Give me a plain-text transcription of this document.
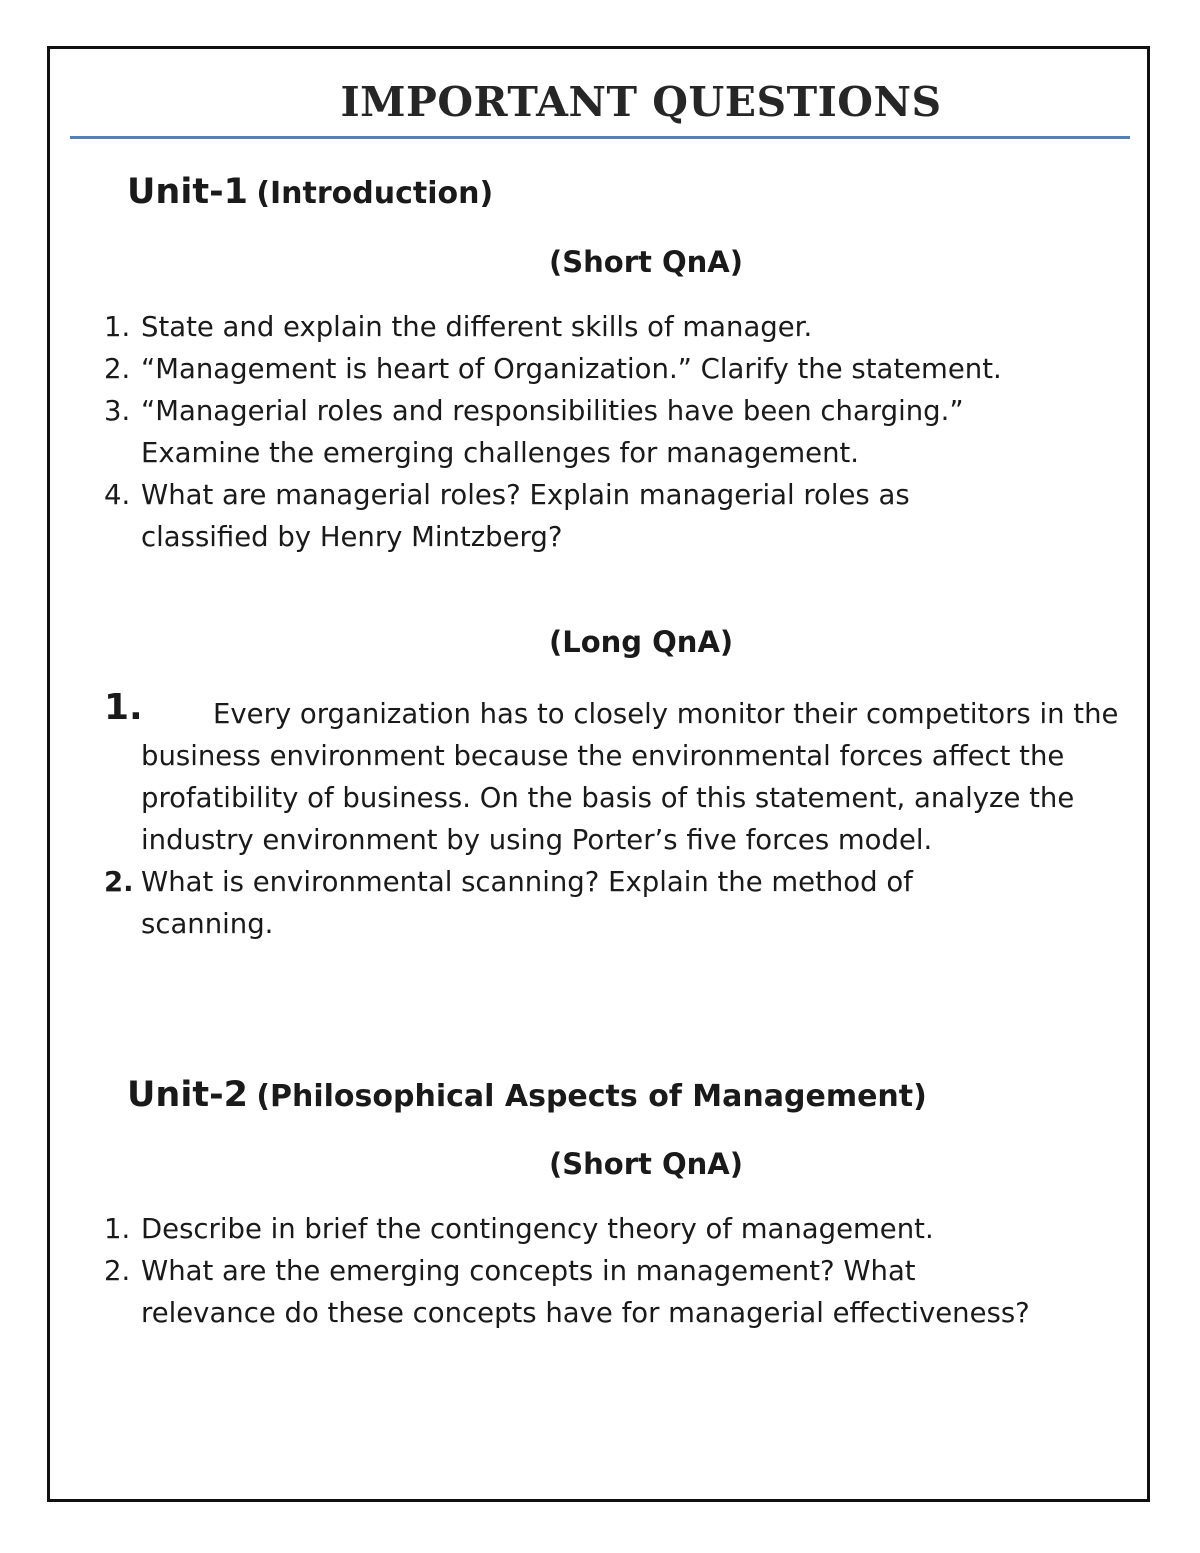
IMPORTANT QUESTIONS
Unit-1 (Introduction)
(Short QnA)
1. State and explain the different skills of manager.
2. “Management is heart of Organization.” Clarify the statement.
3. “Managerial roles and responsibilities have been charging.” Examine the emerging challenges for management.
4. What are managerial roles? Explain managerial roles as classified by Henry Mintzberg?
(Long QnA)
1.	Every organization has to closely monitor their competitors in the business environment because the environmental forces affect the profatibility of business. On the basis of this statement, analyze the industry environment by using Porter’s five forces model.
2. What is environmental scanning? Explain the method of scanning.
Unit-2 (Philosophical Aspects of Management)
(Short QnA)
1. Describe in brief the contingency theory of management.
2. What are the emerging concepts in management? What relevance do these concepts have for managerial effectiveness?
